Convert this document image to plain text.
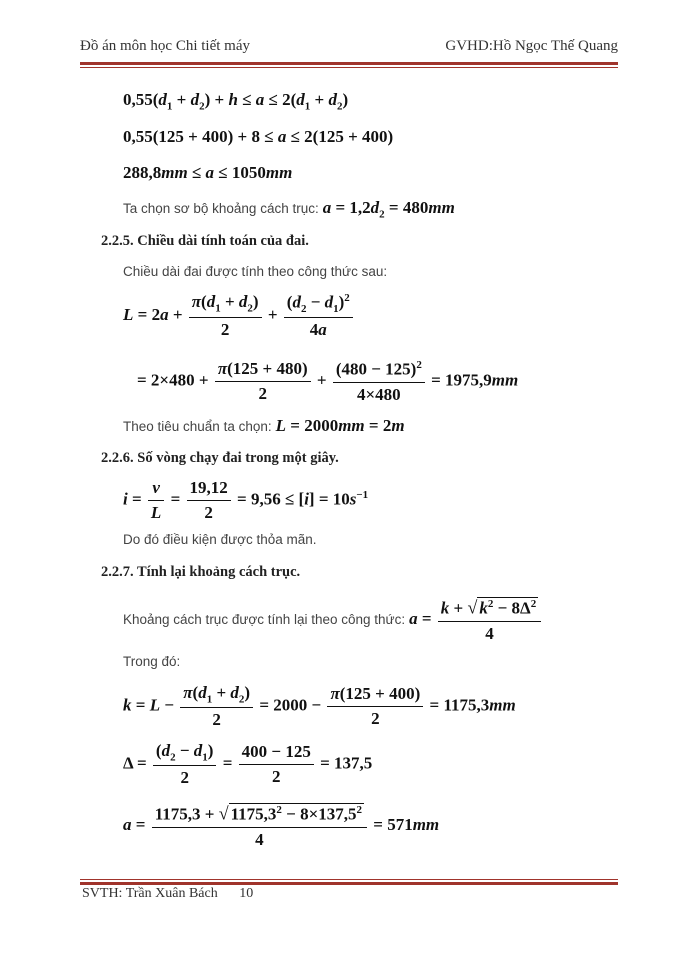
Đồ án môn học Chi tiết máy	GVHD:Hồ Ngọc Thế Quang
$0,55(d_1 + d_2) + h \le a \le 2(d_1 + d_2)$
0,55(125 + 400) + 8 ≤ a ≤ 2(125 + 400)
288,8mm ≤ a ≤ 1050mm
Ta chọn sơ bộ khoảng cách trục: $a = 1,2d_2 = 480mm$
2.2.5. Chiều dài tính toán của đai.
Chiều dài đai được tính theo công thức sau:
$L = 2a + \frac{\pi(d_1 + d_2)}{2} + \frac{(d_2 - d_1)^2}{4a}$
= $2\times 480 + \frac{\pi(125 + 480)}{2} + \frac{(480 - 125)^2}{4\times 480} = 1975,9mm$
Theo tiêu chuẩn ta chọn: L = 2000mm = 2m
2.2.6. Số vòng chạy đai trong một giây.
$i = \frac{v}{L} = \frac{19,12}{2} = 9,56 \le [i] = 10s^{-1}$
Do đó điều kiện được thỏa mãn.
2.2.7. Tính lại khoảng cách trục.
Khoảng cách trục được tính lại theo công thức: $a = \frac{k + √ k^2 - 8\Delta^2}{4}$
Trong đó:
$k = L - \frac{\pi(d_1 + d_2)}{2} = 2000 - \frac{\pi(125 + 400)}{2} = 1175,3mm$
$\Delta = \frac{(d_2 - d_1)}{2} = \frac{400 - 125}{2} = 137,5$
$a = \frac{1175,3 + √ 1175,3^2 - 8\times 137,5^2}{4} = 571mm$
SVTH: Trần Xuân Bách 10
